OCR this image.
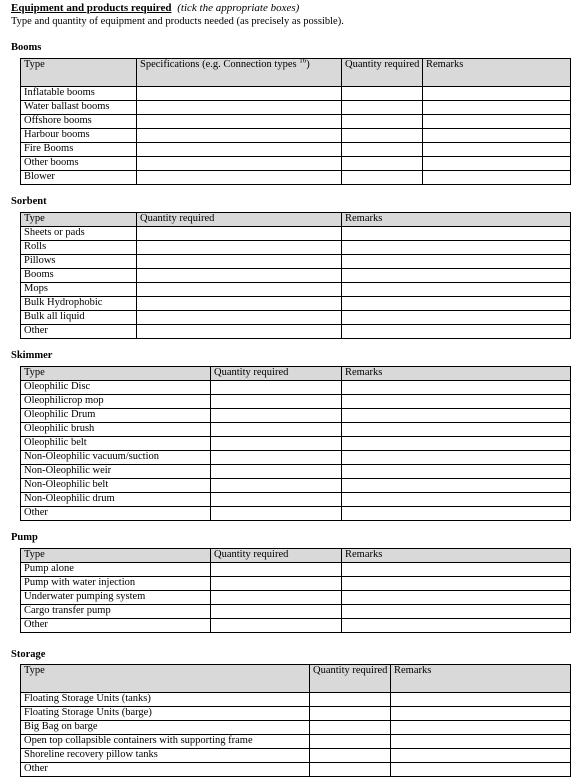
Equipment and products required (tick the appropriate boxes)
Type and quantity of equipment and products needed (as precisely as possible).
Booms
Type	Specifications (e.g. Connection types $^{16}$)	Quantity required	Remarks
Inflatable booms			
Water ballast booms			
Offshore booms			
Harbour booms			
Fire Booms			
Other booms			
Blower			
Sorbent
Type	Quantity required	Remarks
Sheets or pads		
Rolls		
Pillows		
Booms		
Mops		
Bulk Hydrophobic		
Bulk all liquid		
Other		
Skimmer
Type	Quantity required	Remarks
Oleophilic Disc		
Oleophilicrop mop		
Oleophilic Drum		
Oleophilic brush		
Oleophilic belt		
Non-Oleophilic vacuum/suction		
Non-Oleophilic weir		
Non-Oleophilic belt		
Non-Oleophilic drum		
Other		
Pump
Type	Quantity required	Remarks
Pump alone		
Pump with water injection		
Underwater pumping system		
Cargo transfer pump		
Other		
Storage
Type	Quantity required	Remarks
Floating Storage Units (tanks)		
Floating Storage Units (barge)		
Big Bag on barge		
Open top collapsible containers with supporting frame		
Shoreline recovery pillow tanks		
Other		
